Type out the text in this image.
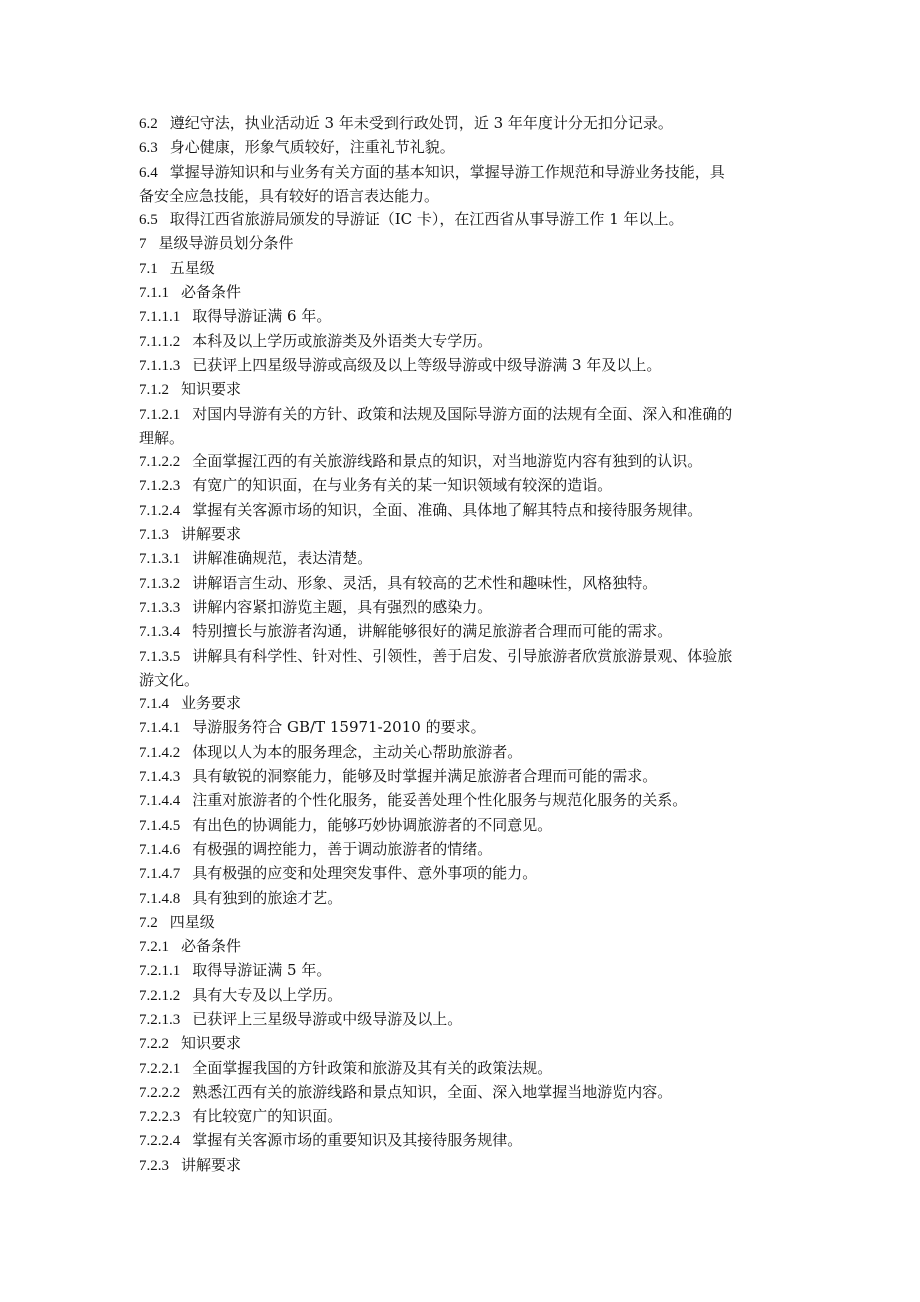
6.2 遵纪守法，执业活动近 3 年未受到行政处罚，近 3 年年度计分无扣分记录。
6.3 身心健康，形象气质较好，注重礼节礼貌。
6.4 掌握导游知识和与业务有关方面的基本知识，掌握导游工作规范和导游业务技能，具
备安全应急技能，具有较好的语言表达能力。
6.5 取得江西省旅游局颁发的导游证（IC 卡），在江西省从事导游工作 1 年以上。
7 星级导游员划分条件
7.1 五星级
7.1.1 必备条件
7.1.1.1 取得导游证满 6 年。
7.1.1.2 本科及以上学历或旅游类及外语类大专学历。
7.1.1.3 已获评上四星级导游或高级及以上等级导游或中级导游满 3 年及以上。
7.1.2 知识要求
7.1.2.1 对国内导游有关的方针、政策和法规及国际导游方面的法规有全面、深入和准确的
理解。
7.1.2.2 全面掌握江西的有关旅游线路和景点的知识，对当地游览内容有独到的认识。
7.1.2.3 有宽广的知识面，在与业务有关的某一知识领域有较深的造诣。
7.1.2.4 掌握有关客源市场的知识，全面、准确、具体地了解其特点和接待服务规律。
7.1.3 讲解要求
7.1.3.1 讲解准确规范，表达清楚。
7.1.3.2 讲解语言生动、形象、灵活，具有较高的艺术性和趣味性，风格独特。
7.1.3.3 讲解内容紧扣游览主题，具有强烈的感染力。
7.1.3.4 特别擅长与旅游者沟通，讲解能够很好的满足旅游者合理而可能的需求。
7.1.3.5 讲解具有科学性、针对性、引领性，善于启发、引导旅游者欣赏旅游景观、体验旅
游文化。
7.1.4 业务要求
7.1.4.1 导游服务符合 GB/T 15971-2010 的要求。
7.1.4.2 体现以人为本的服务理念，主动关心帮助旅游者。
7.1.4.3 具有敏锐的洞察能力，能够及时掌握并满足旅游者合理而可能的需求。
7.1.4.4 注重对旅游者的个性化服务，能妥善处理个性化服务与规范化服务的关系。
7.1.4.5 有出色的协调能力，能够巧妙协调旅游者的不同意见。
7.1.4.6 有极强的调控能力，善于调动旅游者的情绪。
7.1.4.7 具有极强的应变和处理突发事件、意外事项的能力。
7.1.4.8 具有独到的旅途才艺。
7.2 四星级
7.2.1 必备条件
7.2.1.1 取得导游证满 5 年。
7.2.1.2 具有大专及以上学历。
7.2.1.3 已获评上三星级导游或中级导游及以上。
7.2.2 知识要求
7.2.2.1 全面掌握我国的方针政策和旅游及其有关的政策法规。
7.2.2.2 熟悉江西有关的旅游线路和景点知识，全面、深入地掌握当地游览内容。
7.2.2.3 有比较宽广的知识面。
7.2.2.4 掌握有关客源市场的重要知识及其接待服务规律。
7.2.3 讲解要求
